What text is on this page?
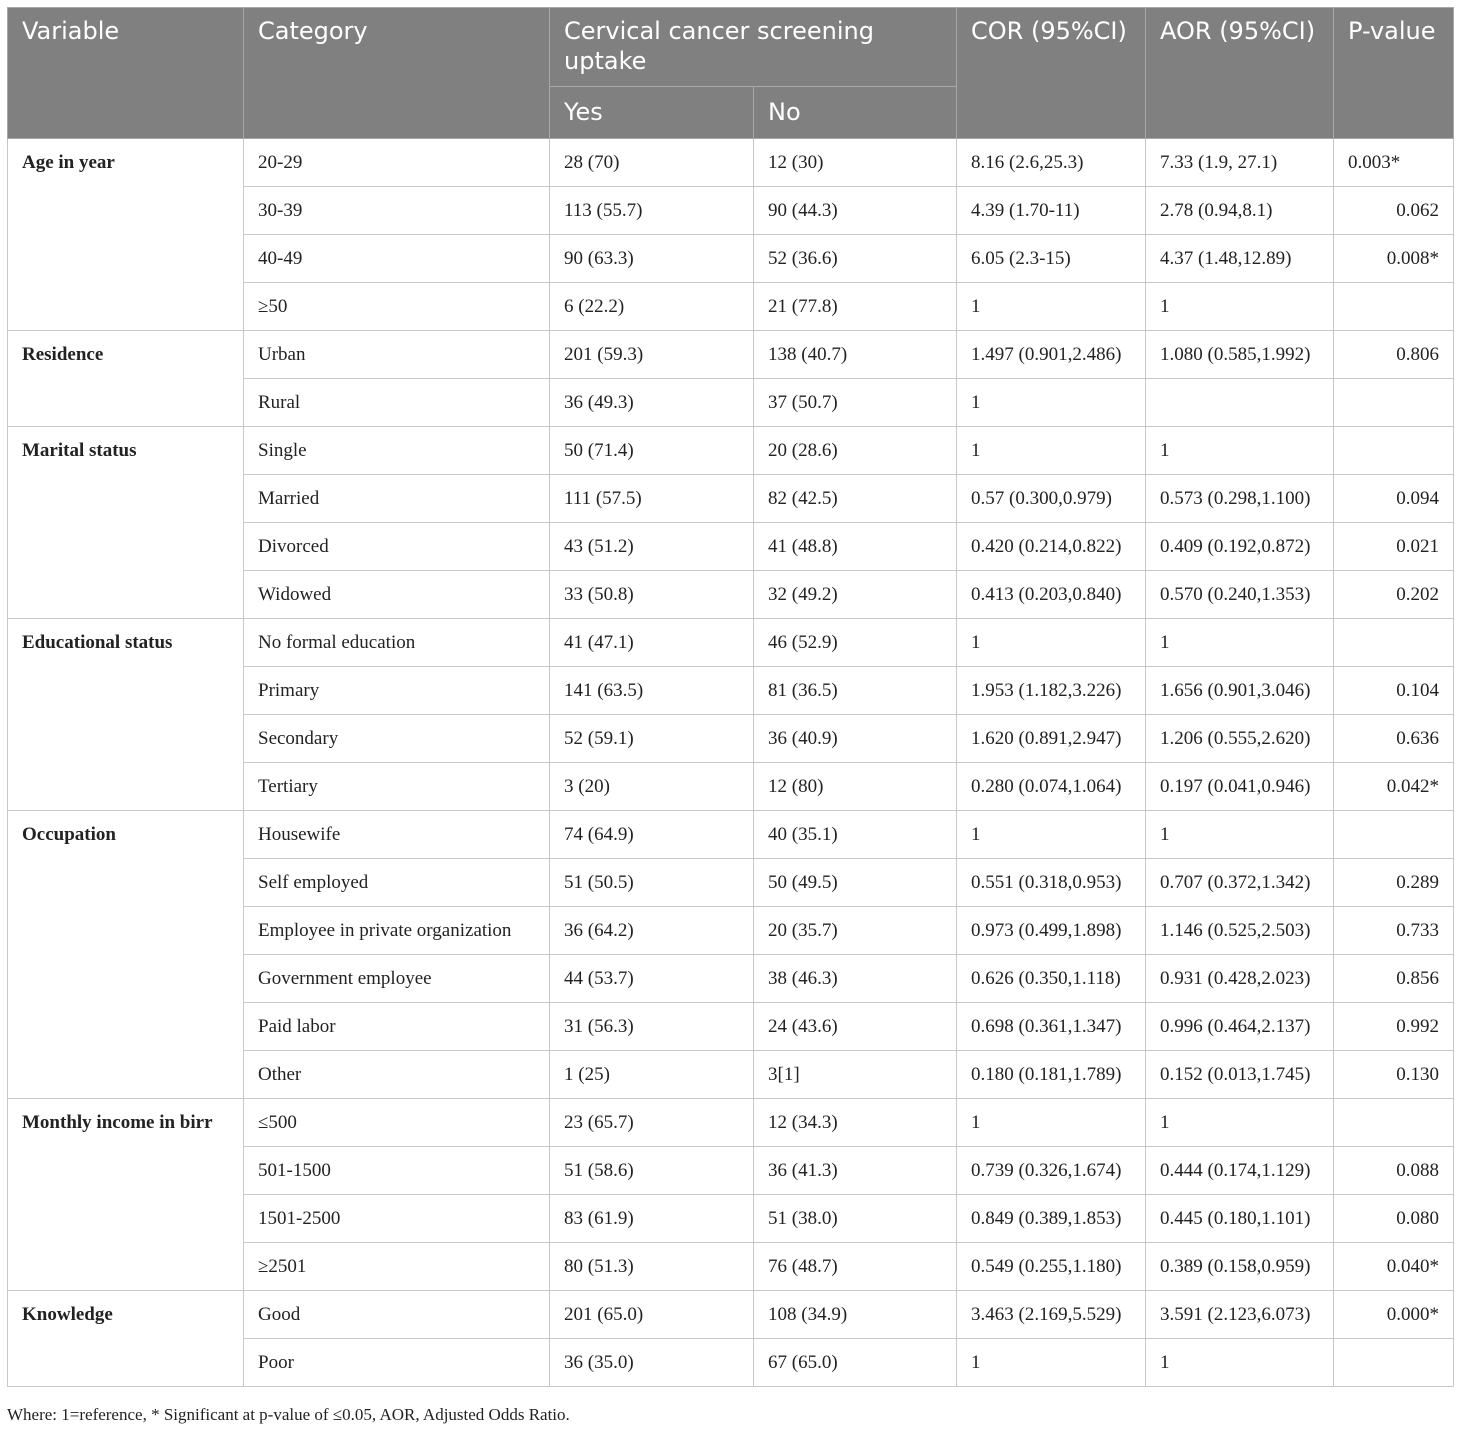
Variable	Category	Cervical cancer screening uptake		COR (95%CI)	AOR (95%CI)	P-value
		Yes	No			
Age in year	20-29	28 (70)	12 (30)	8.16 (2.6,25.3)	7.33 (1.9, 27.1)	0.003*
	30-39	113 (55.7)	90 (44.3)	4.39 (1.70-11)	2.78 (0.94,8.1)	0.062
	40-49	90 (63.3)	52 (36.6)	6.05 (2.3-15)	4.37 (1.48,12.89)	0.008*
	≥50	6 (22.2)	21 (77.8)	1	1	
Residence	Urban	201 (59.3)	138 (40.7)	1.497 (0.901,2.486)	1.080 (0.585,1.992)	0.806
	Rural	36 (49.3)	37 (50.7)	1		
Marital status	Single	50 (71.4)	20 (28.6)	1	1	
	Married	111 (57.5)	82 (42.5)	0.57 (0.300,0.979)	0.573 (0.298,1.100)	0.094
	Divorced	43 (51.2)	41 (48.8)	0.420 (0.214,0.822)	0.409 (0.192,0.872)	0.021
	Widowed	33 (50.8)	32 (49.2)	0.413 (0.203,0.840)	0.570 (0.240,1.353)	0.202
Educational status	No formal education	41 (47.1)	46 (52.9)	1	1	
	Primary	141 (63.5)	81 (36.5)	1.953 (1.182,3.226)	1.656 (0.901,3.046)	0.104
	Secondary	52 (59.1)	36 (40.9)	1.620 (0.891,2.947)	1.206 (0.555,2.620)	0.636
	Tertiary	3 (20)	12 (80)	0.280 (0.074,1.064)	0.197 (0.041,0.946)	0.042*
Occupation	Housewife	74 (64.9)	40 (35.1)	1	1	
	Self employed	51 (50.5)	50 (49.5)	0.551 (0.318,0.953)	0.707 (0.372,1.342)	0.289
	Employee in private organization	36 (64.2)	20 (35.7)	0.973 (0.499,1.898)	1.146 (0.525,2.503)	0.733
	Government employee	44 (53.7)	38 (46.3)	0.626 (0.350,1.118)	0.931 (0.428,2.023)	0.856
	Paid labor	31 (56.3)	24 (43.6)	0.698 (0.361,1.347)	0.996 (0.464,2.137)	0.992
	Other	1 (25)	3[1]	0.180 (0.181,1.789)	0.152 (0.013,1.745)	0.130
Monthly income in birr	≤500	23 (65.7)	12 (34.3)	1	1	
	501-1500	51 (58.6)	36 (41.3)	0.739 (0.326,1.674)	0.444 (0.174,1.129)	0.088
	1501-2500	83 (61.9)	51 (38.0)	0.849 (0.389,1.853)	0.445 (0.180,1.101)	0.080
	≥2501	80 (51.3)	76 (48.7)	0.549 (0.255,1.180)	0.389 (0.158,0.959)	0.040*
Knowledge	Good	201 (65.0)	108 (34.9)	3.463 (2.169,5.529)	3.591 (2.123,6.073)	0.000*
	Poor	36 (35.0)	67 (65.0)	1	1	
Where: 1=reference, * Significant at p-value of ≤0.05, AOR, Adjusted Odds Ratio.
